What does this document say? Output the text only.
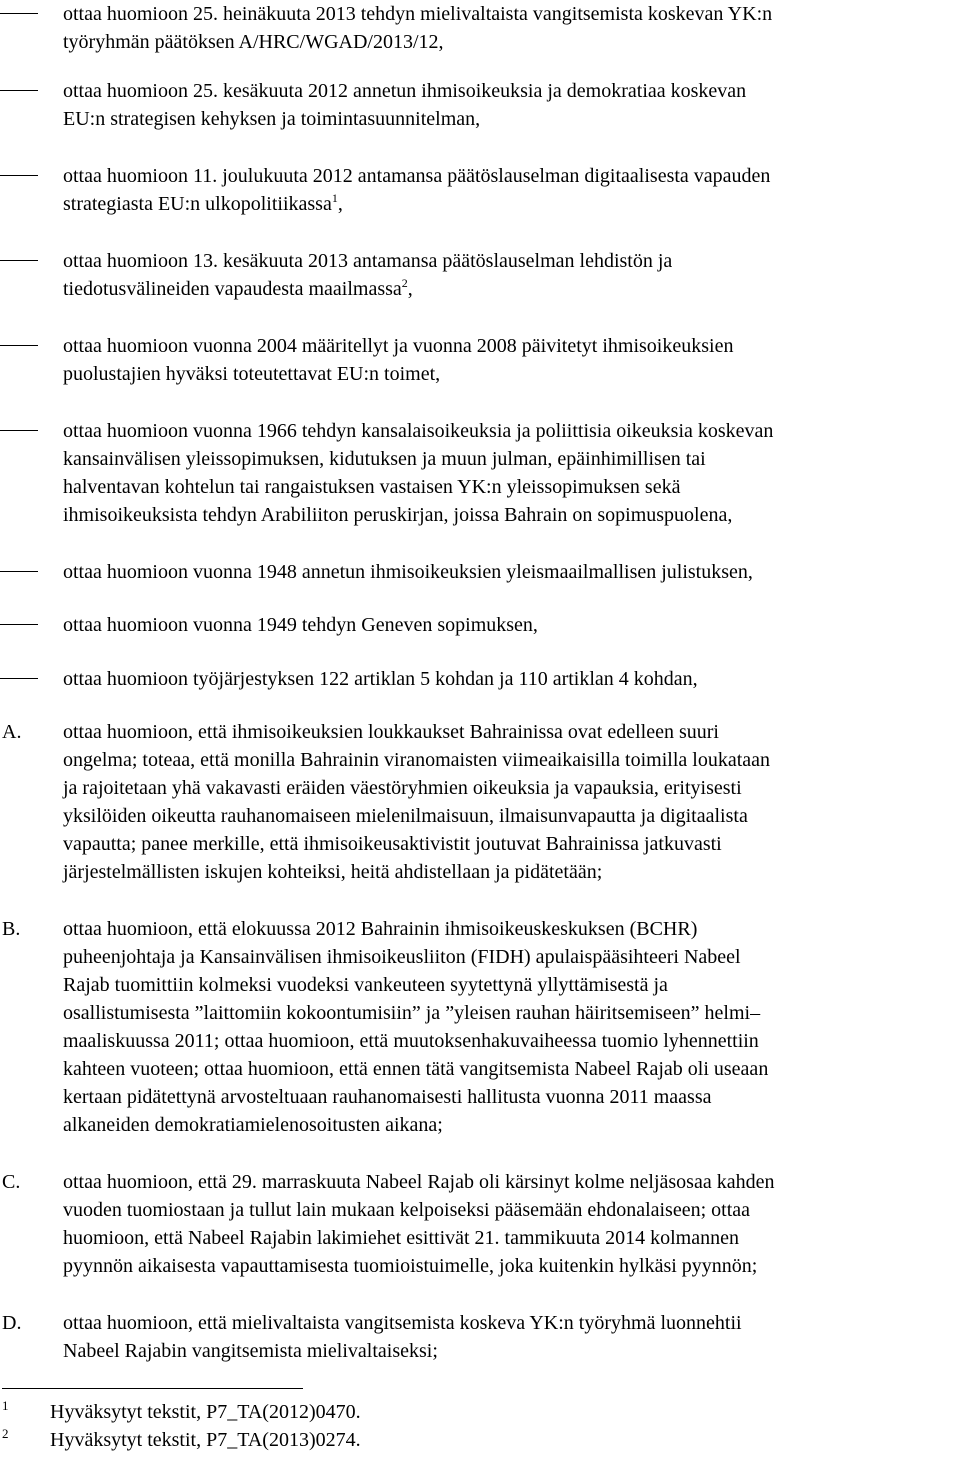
ottaa huomioon 25. heinäkuuta 2013 tehdyn mielivaltaista vangitsemista koskevan YK:n
työryhmän päätöksen A/HRC/WGAD/2013/12,
ottaa huomioon 25. kesäkuuta 2012 annetun ihmisoikeuksia ja demokratiaa koskevan
EU:n strategisen kehyksen ja toimintasuunnitelman,
ottaa huomioon 11. joulukuuta 2012 antamansa päätöslauselman digitaalisesta vapauden
strategiasta EU:n ulkopolitiikassa$^1$,
ottaa huomioon 13. kesäkuuta 2013 antamansa päätöslauselman lehdistön ja
tiedotusvälineiden vapaudesta maailmassa$^2$,
ottaa huomioon vuonna 2004 määritellyt ja vuonna 2008 päivitetyt ihmisoikeuksien
puolustajien hyväksi toteutettavat EU:n toimet,
ottaa huomioon vuonna 1966 tehdyn kansalaisoikeuksia ja poliittisia oikeuksia koskevan
kansainvälisen yleissopimuksen, kidutuksen ja muun julman, epäinhimillisen tai
halventavan kohtelun tai rangaistuksen vastaisen YK:n yleissopimuksen sekä
ihmisoikeuksista tehdyn Arabiliiton peruskirjan, joissa Bahrain on sopimuspuolena,
ottaa huomioon vuonna 1948 annetun ihmisoikeuksien yleismaailmallisen julistuksen,
ottaa huomioon vuonna 1949 tehdyn Geneven sopimuksen,
ottaa huomioon työjärjestyksen 122 artiklan 5 kohdan ja 110 artiklan 4 kohdan,
A. ottaa huomioon, että ihmisoikeuksien loukkaukset Bahrainissa ovat edelleen suuri
ongelma; toteaa, että monilla Bahrainin viranomaisten viimeaikaisilla toimilla loukataan
ja rajoitetaan yhä vakavasti eräiden väestöryhmien oikeuksia ja vapauksia, erityisesti
yksilöiden oikeutta rauhanomaiseen mielenilmaisuun, ilmaisunvapautta ja digitaalista
vapautta; panee merkille, että ihmisoikeusaktivistit joutuvat Bahrainissa jatkuvasti
järjestelmällisten iskujen kohteiksi, heitä ahdistellaan ja pidätetään;
B. ottaa huomioon, että elokuussa 2012 Bahrainin ihmisoikeuskeskuksen (BCHR)
puheenjohtaja ja Kansainvälisen ihmisoikeusliiton (FIDH) apulaispääsihteeri Nabeel
Rajab tuomittiin kolmeksi vuodeksi vankeuteen syytettynä yllyttämisestä ja
osallistumisesta ”laittomiin kokoontumisiin” ja ”yleisen rauhan häiritsemiseen” helmi–
maaliskuussa 2011; ottaa huomioon, että muutoksenhakuvaiheessa tuomio lyhennettiin
kahteen vuoteen; ottaa huomioon, että ennen tätä vangitsemista Nabeel Rajab oli useaan
kertaan pidätettynä arvosteltuaan rauhanomaisesti hallitusta vuonna 2011 maassa
alkaneiden demokratiamielenosoitusten aikana;
C. ottaa huomioon, että 29. marraskuuta Nabeel Rajab oli kärsinyt kolme neljäsosaa kahden
vuoden tuomiostaan ja tullut lain mukaan kelpoiseksi pääsemään ehdonalaiseen; ottaa
huomioon, että Nabeel Rajabin lakimiehet esittivät 21. tammikuuta 2014 kolmannen
pyynnön aikaisesta vapauttamisesta tuomioistuimelle, joka kuitenkin hylkäsi pyynnön;
D. ottaa huomioon, että mielivaltaista vangitsemista koskeva YK:n työryhmä luonnehtii
Nabeel Rajabin vangitsemista mielivaltaiseksi;
1 Hyväksytyt tekstit, P7_TA(2012)0470.
2 Hyväksytyt tekstit, P7_TA(2013)0274.
